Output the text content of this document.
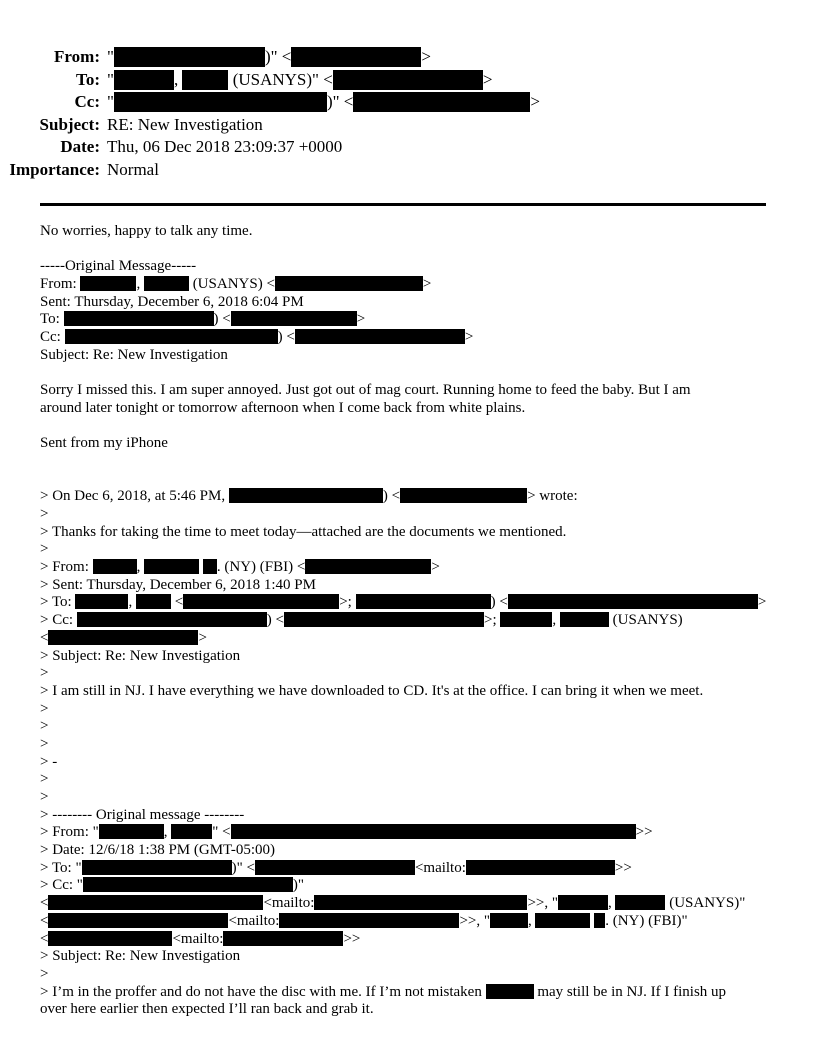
From: "	)" <	>
To: "	,	(USANYS)" <	>
Cc: "	)" <	>
Subject: RE: New Investigation
Date: Thu, 06 Dec 2018 23:09:37 +0000
Importance: Normal
No worries, happy to talk any time.

-----Original Message-----
From:	,	(USANYS) <	>
Sent: Thursday, December 6, 2018 6:04 PM
To:	) <	>
Cc:	) <	>
Subject: Re: New Investigation

Sorry I missed this. I am super annoyed. Just got out of mag court. Running home to feed the baby. But I am
around later tonight or tomorrow afternoon when I come back from white plains.

Sent from my iPhone

> On Dec 6, 2018, at 5:46 PM,	) <	> wrote:
>
> Thanks for taking the time to meet today—attached are the documents we mentioned.
>
> From:	,	. (NY) (FBI) <	>
> Sent: Thursday, December 6, 2018 1:40 PM
> To:	,  <	>;	) <	>
> Cc:	) <	>;	,	(USANYS)
<	>
> Subject: Re: New Investigation
>
> I am still in NJ. I have everything we have downloaded to CD. It's at the office. I can bring it when we meet.
>
>
>
> -
>
>
> -------- Original message --------
> From: "	,	" <	>>
> Date: 12/6/18 1:38 PM (GMT-05:00)
> To: "	)" <	<mailto:	>>
> Cc: "	)"
<	<mailto:	>>, "	,	(USANYS)"
<	<mailto:	>>, "	,	. (NY) (FBI)"
<	<mailto:	>>
> Subject: Re: New Investigation
>
> I’m in the proffer and do not have the disc with me. If I’m not mistaken	may still be in NJ. If I finish up
over here earlier then expected I’ll ran back and grab it.
